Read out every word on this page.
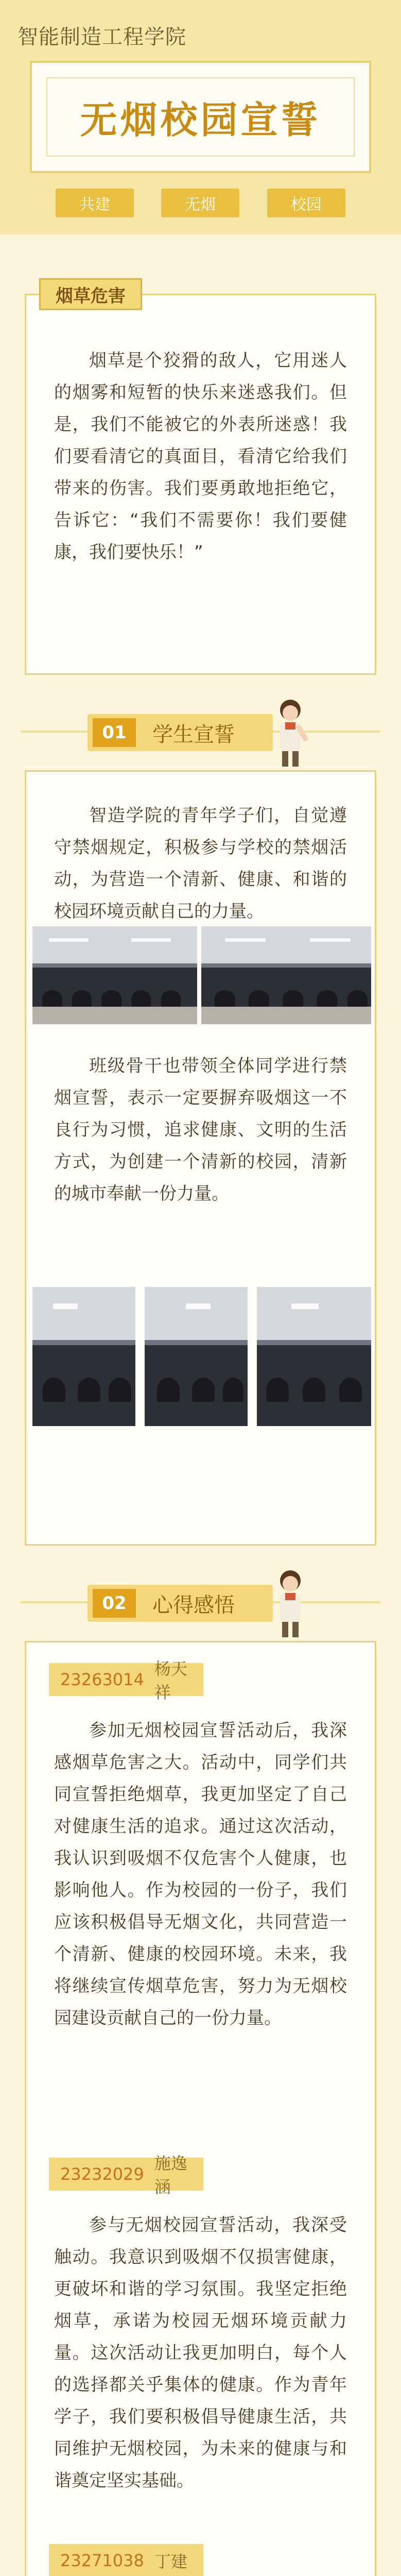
智能制造工程学院
无烟校园宣誓
共建	无烟	校园
烟草危害

烟草是个狡猾的敌人，它用迷人的烟雾和短暂的快乐来迷惑我们。但是，我们不能被它的外表所迷惑！我们要看清它的真面目，看清它给我们带来的伤害。我们要勇敢地拒绝它，告诉它：“我们不需要你！我们要健康，我们要快乐！”

01	学生宣誓

智造学院的青年学子们，自觉遵守禁烟规定，积极参与学校的禁烟活动，为营造一个清新、健康、和谐的校园环境贡献自己的力量。

班级骨干也带领全体同学进行禁烟宣誓，表示一定要摒弃吸烟这一不良行为习惯，追求健康、文明的生活方式，为创建一个清新的校园，清新的城市奉献一份力量。

02	心得感悟
23263014
杨天祥

参加无烟校园宣誓活动后，我深感烟草危害之大。活动中，同学们共同宣誓拒绝烟草，我更加坚定了自己对健康生活的追求。通过这次活动，我认识到吸烟不仅危害个人健康，也影响他人。作为校园的一份子，我们应该积极倡导无烟文化，共同营造一个清新、健康的校园环境。未来，我将继续宣传烟草危害，努力为无烟校园建设贡献自己的一份力量。

23232029
施逸涵

参与无烟校园宣誓活动，我深受触动。我意识到吸烟不仅损害健康，更破坏和谐的学习氛围。我坚定拒绝烟草，承诺为校园无烟环境贡献力量。这次活动让我更加明白，每个人的选择都关乎集体的健康。作为青年学子，我们要积极倡导健康生活，共同维护无烟校园，为未来的健康与和谐奠定坚实基础。

23271038 丁建
